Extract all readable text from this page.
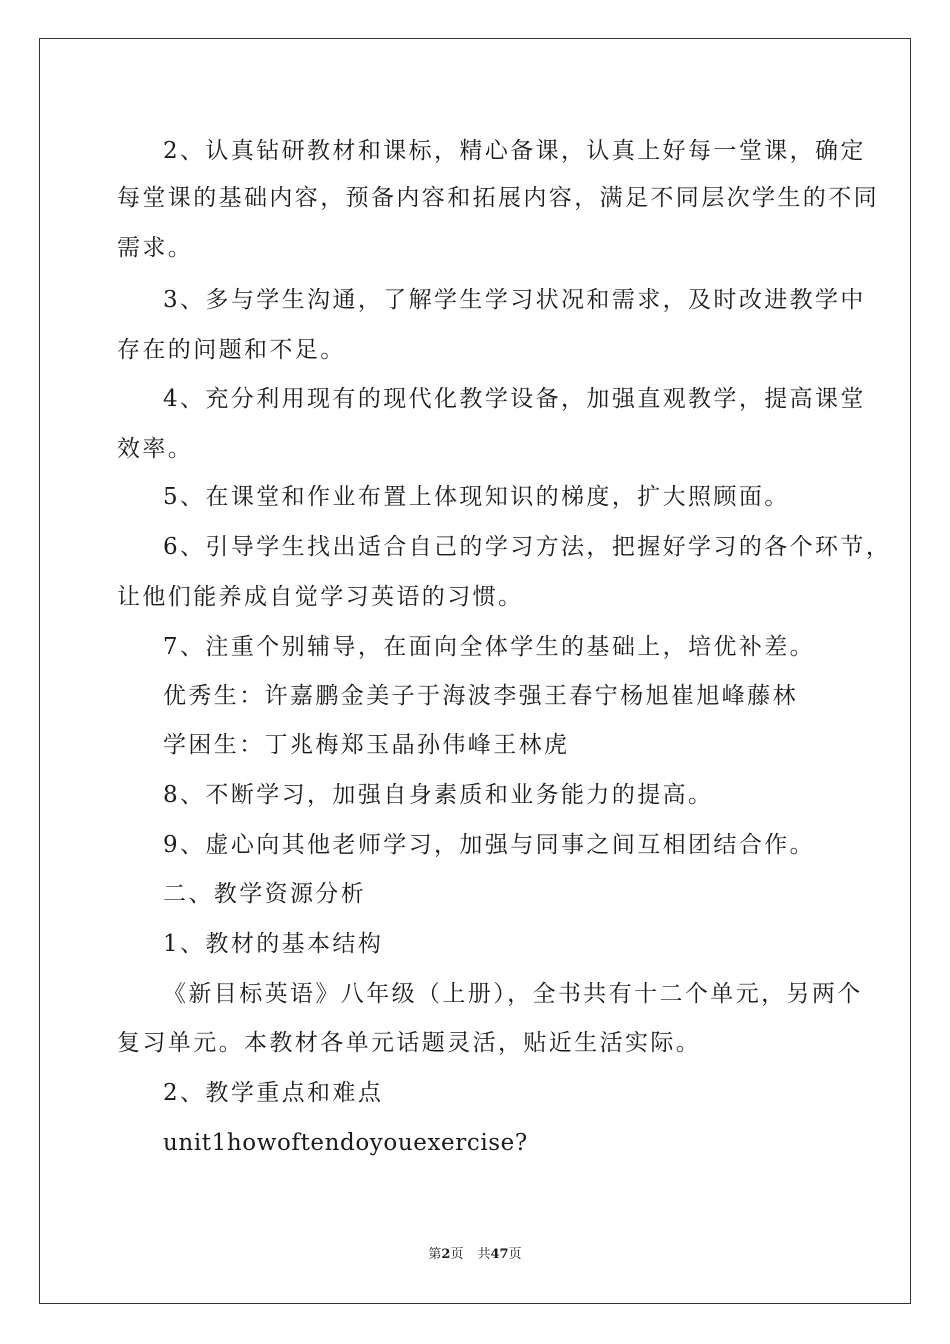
2、认真钻研教材和课标，精心备课，认真上好每一堂课，确定
每堂课的基础内容，预备内容和拓展内容，满足不同层次学生的不同
需求。
3、多与学生沟通，了解学生学习状况和需求，及时改进教学中
存在的问题和不足。
4、充分利用现有的现代化教学设备，加强直观教学，提高课堂
效率。
5、在课堂和作业布置上体现知识的梯度，扩大照顾面。
6、引导学生找出适合自己的学习方法，把握好学习的各个环节，
让他们能养成自觉学习英语的习惯。
7、注重个别辅导，在面向全体学生的基础上，培优补差。
优秀生：许嘉鹏金美子于海波李强王春宁杨旭崔旭峰藤林
学困生：丁兆梅郑玉晶孙伟峰王林虎
8、不断学习，加强自身素质和业务能力的提高。
9、虚心向其他老师学习，加强与同事之间互相团结合作。
二、教学资源分析
1、教材的基本结构
《新目标英语》八年级（上册），全书共有十二个单元，另两个
复习单元。本教材各单元话题灵活，贴近生活实际。
2、教学重点和难点
unit1howoftendoyouexercise?
第2页 共47页
